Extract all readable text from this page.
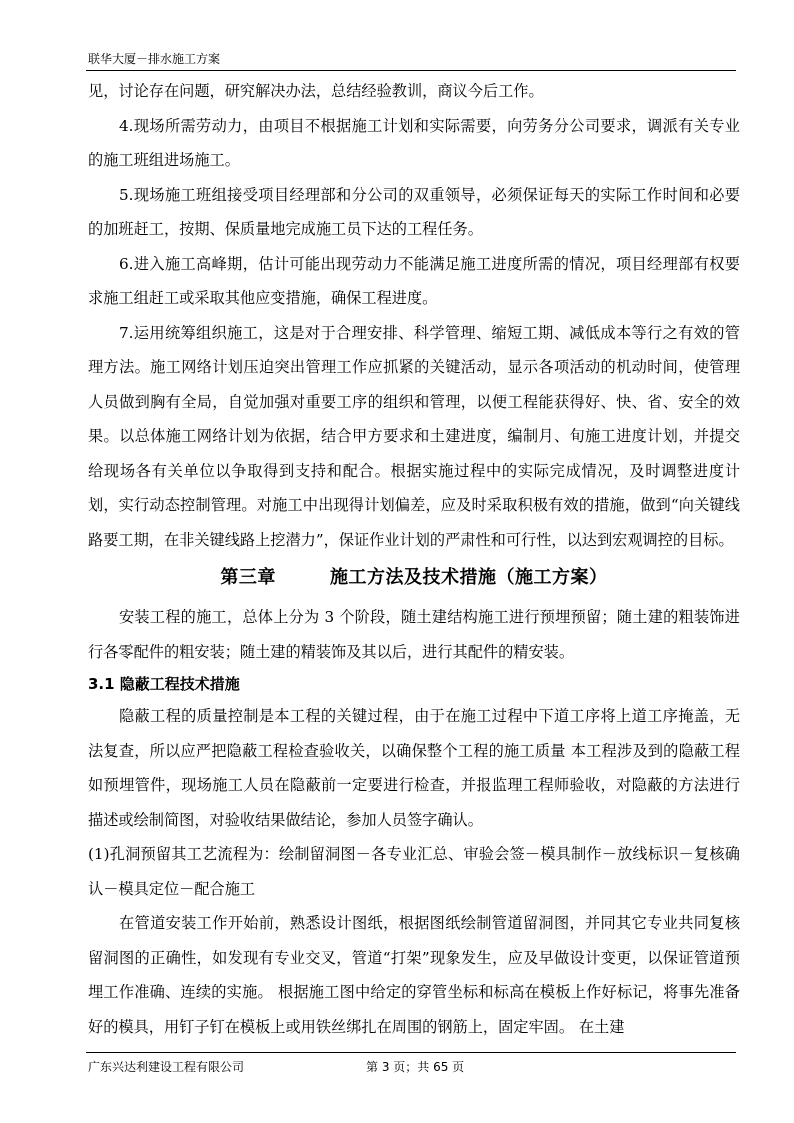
联华大厦－排水施工方案

见，讨论存在问题，研究解决办法，总结经验教训，商议今后工作。

4.现场所需劳动力，由项目不根据施工计划和实际需要，向劳务分公司要求，调派有关专业的施工班组进场施工。

5.现场施工班组接受项目经理部和分公司的双重领导，必须保证每天的实际工作时间和必要的加班赶工，按期、保质量地完成施工员下达的工程任务。

6.进入施工高峰期，估计可能出现劳动力不能满足施工进度所需的情况，项目经理部有权要求施工组赶工或采取其他应变措施，确保工程进度。

7.运用统筹组织施工，这是对于合理安排、科学管理、缩短工期、减低成本等行之有效的管理方法。施工网络计划压迫突出管理工作应抓紧的关键活动，显示各项活动的机动时间，使管理人员做到胸有全局，自觉加强对重要工序的组织和管理，以便工程能获得好、快、省、安全的效果。以总体施工网络计划为依据，结合甲方要求和土建进度，编制月、旬施工进度计划，并提交给现场各有关单位以争取得到支持和配合。根据实施过程中的实际完成情况，及时调整进度计划，实行动态控制管理。对施工中出现得计划偏差，应及时采取积极有效的措施，做到“向关键线路要工期，在非关键线路上挖潜力”，保证作业计划的严肃性和可行性，以达到宏观调控的目标。

第三章        施工方法及技术措施（施工方案）

安装工程的施工，总体上分为 3 个阶段，随土建结构施工进行预埋预留；随土建的粗装饰进行各零配件的粗安装；随土建的精装饰及其以后，进行其配件的精安装。

3.1 隐蔽工程技术措施

隐蔽工程的质量控制是本工程的关键过程，由于在施工过程中下道工序将上道工序掩盖，无法复查，所以应严把隐蔽工程检查验收关，以确保整个工程的施工质量 本工程涉及到的隐蔽工程如预埋管件，现场施工人员在隐蔽前一定要进行检查，并报监理工程师验收，对隐蔽的方法进行描述或绘制简图，对验收结果做结论，参加人员签字确认。

(1)孔洞预留其工艺流程为：绘制留洞图－各专业汇总、审验会签－模具制作－放线标识－复核确认－模具定位－配合施工

在管道安装工作开始前，熟悉设计图纸，根据图纸绘制管道留洞图，并同其它专业共同复核留洞图的正确性，如发现有专业交叉，管道“打架”现象发生，应及早做设计变更，以保证管道预埋工作准确、连续的实施。 根据施工图中给定的穿管坐标和标高在模板上作好标记，将事先准备好的模具，用钉子钉在模板上或用铁丝绑扎在周围的钢筋上，固定牢固。 在土建

广东兴达利建设工程有限公司	第 3 页；共 65 页
